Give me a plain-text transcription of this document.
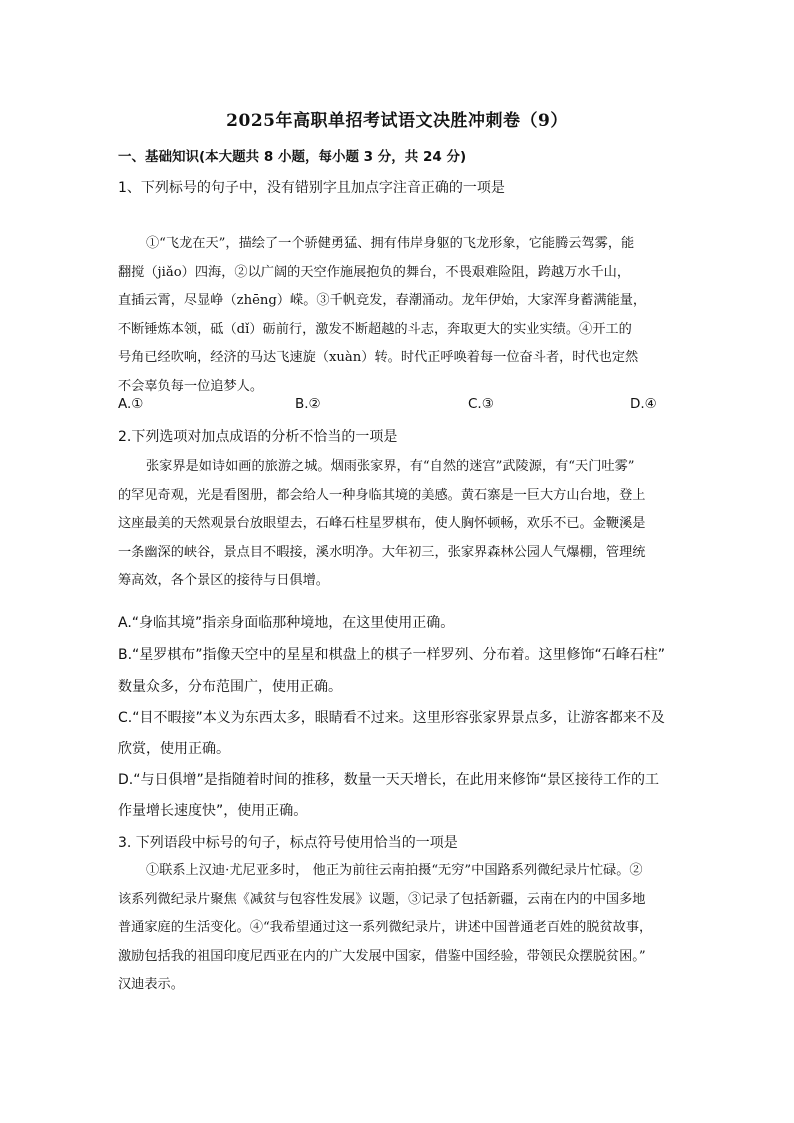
2025年高职单招考试语文决胜冲刺卷（9）
一、基础知识(本大题共 8 小题，每小题 3 分，共 24 分)
1、下列标号的句子中，没有错别字且加点字注音正确的一项是
①“飞龙在天”，描绘了一个骄健勇猛、拥有伟岸身躯的飞龙形象，它能腾云驾雾，能
翻搅（jiǎo）四海，②以广阔的天空作施展抱负的舞台，不畏艰难险阻，跨越万水千山，
直插云霄，尽显峥（zhēng）嵘。③千帆竞发，春潮涌动。龙年伊始，大家浑身蓄满能量，
不断锤炼本领，砥（dǐ）砺前行，激发不断超越的斗志，奔取更大的实业实绩。④开工的
号角已经吹响，经济的马达飞速旋（xuàn）转。时代正呼唤着每一位奋斗者，时代也定然
不会辜负每一位追梦人。
A.①	B.②	C.③	D.④
2.下列选项对加点成语的分析不恰当的一项是
张家界是如诗如画的旅游之城。烟雨张家界，有“自然的迷宫”武陵源，有“天门吐雾”
的罕见奇观，光是看图册，都会给人一种身临其境的美感。黄石寨是一巨大方山台地，登上
这座最美的天然观景台放眼望去，石峰石柱星罗棋布，使人胸怀顿畅，欢乐不已。金鞭溪是
一条幽深的峡谷，景点目不暇接，溪水明净。大年初三，张家界森林公园人气爆棚，管理统
筹高效，各个景区的接待与日俱增。
A.“身临其境”指亲身面临那种境地，在这里使用正确。
B.“星罗棋布”指像天空中的星星和棋盘上的棋子一样罗列、分布着。这里修饰“石峰石柱”
数量众多，分布范围广，使用正确。
C.“目不暇接”本义为东西太多，眼睛看不过来。这里形容张家界景点多，让游客都来不及
欣赏，使用正确。
D.“与日俱增”是指随着时间的推移，数量一天天增长，在此用来修饰“景区接待工作的工
作量增长速度快”，使用正确。
3. 下列语段中标号的句子，标点符号使用恰当的一项是
①联系上汉迪·尤尼亚多时， 他正为前往云南拍摄“无穷”中国路系列微纪录片忙碌。②
该系列微纪录片聚焦《减贫与包容性发展》议题，③记录了包括新疆，云南在内的中国多地
普通家庭的生活变化。④“我希望通过这一系列微纪录片，讲述中国普通老百姓的脱贫故事，
激励包括我的祖国印度尼西亚在内的广大发展中国家，借鉴中国经验，带领民众摆脱贫困。”
汉迪表示。
